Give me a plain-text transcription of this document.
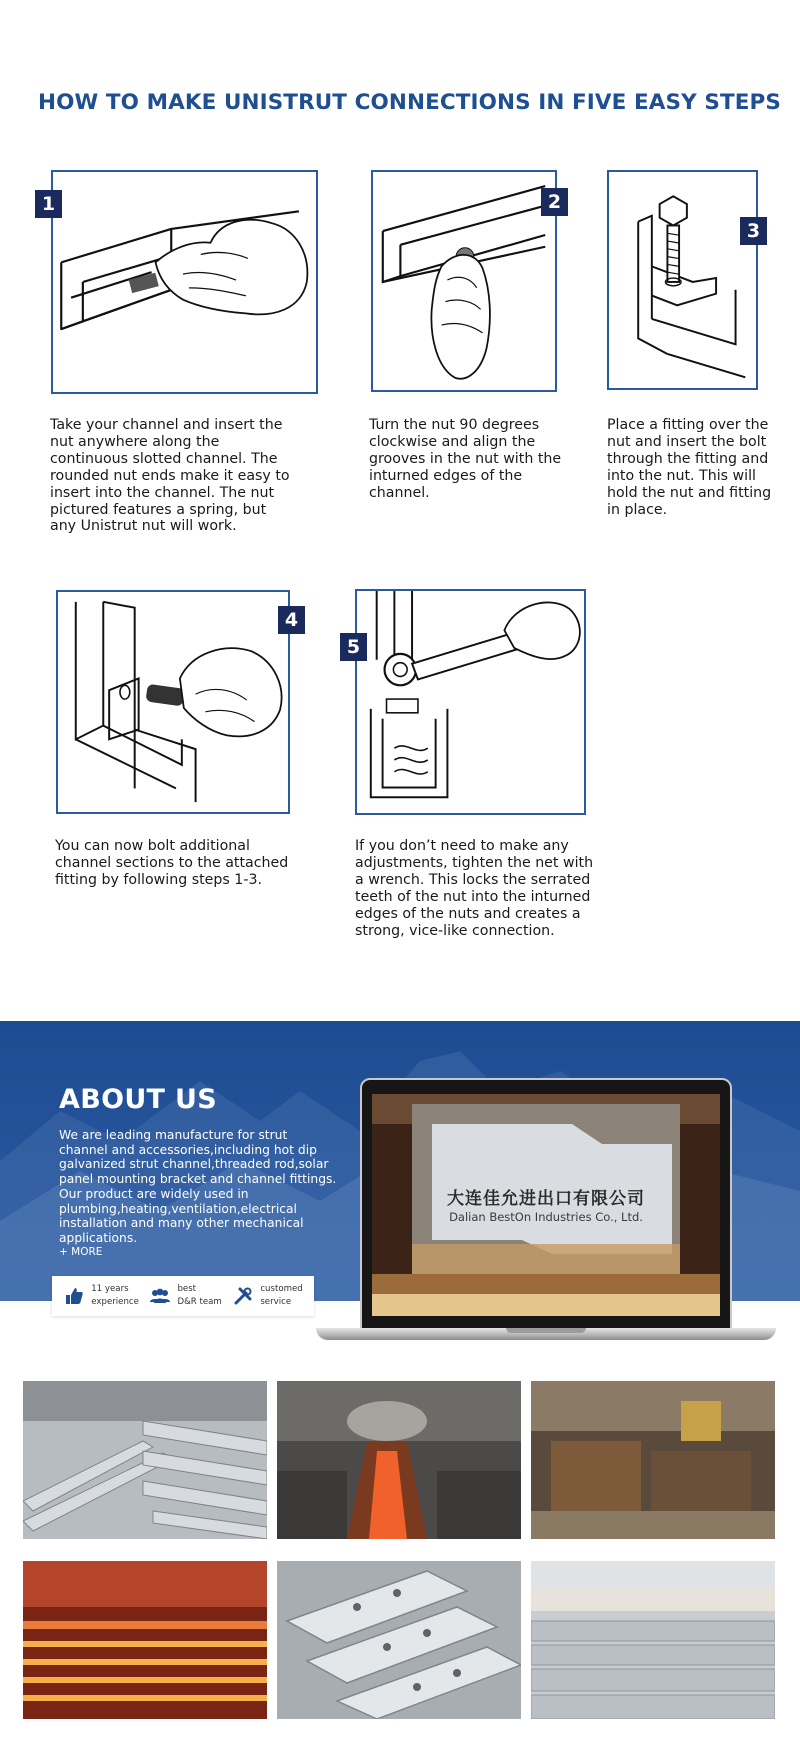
HOW TO MAKE UNISTRUT CONNECTIONS IN FIVE EASY STEPS
1

Take your channel and insert the nut anywhere along the continuous slotted channel. The rounded nut ends make it easy to insert into the channel. The nut pictured features a spring, but any Unistrut nut will work.

2

Turn the nut 90 degrees clockwise and align the grooves in the nut with the inturned edges of the channel.

3

Place a fitting over the nut and insert the bolt through the fitting and into the nut. This will hold the nut and fitting in place.

4

You can now bolt additional channel sections to the attached fitting by following steps 1-3.

5

If you don’t need to make any adjustments, tighten the net with a wrench. This locks the serrated teeth of the nut into the inturned edges of the nuts and creates a strong, vice-like connection.

ABOUT US

We are leading manufacture for strut channel and accessories,including hot dip galvanized strut channel,threaded rod,solar panel mounting bracket and channel fittings. Our product are widely used in plumbing,heating,ventilation,electrical installation and many other mechanical applications.

+ MORE
11 years
experience
best
D&R team
customed
service
大连佳允进出口有限公司
Dalian BestOn Industries Co., Ltd.
